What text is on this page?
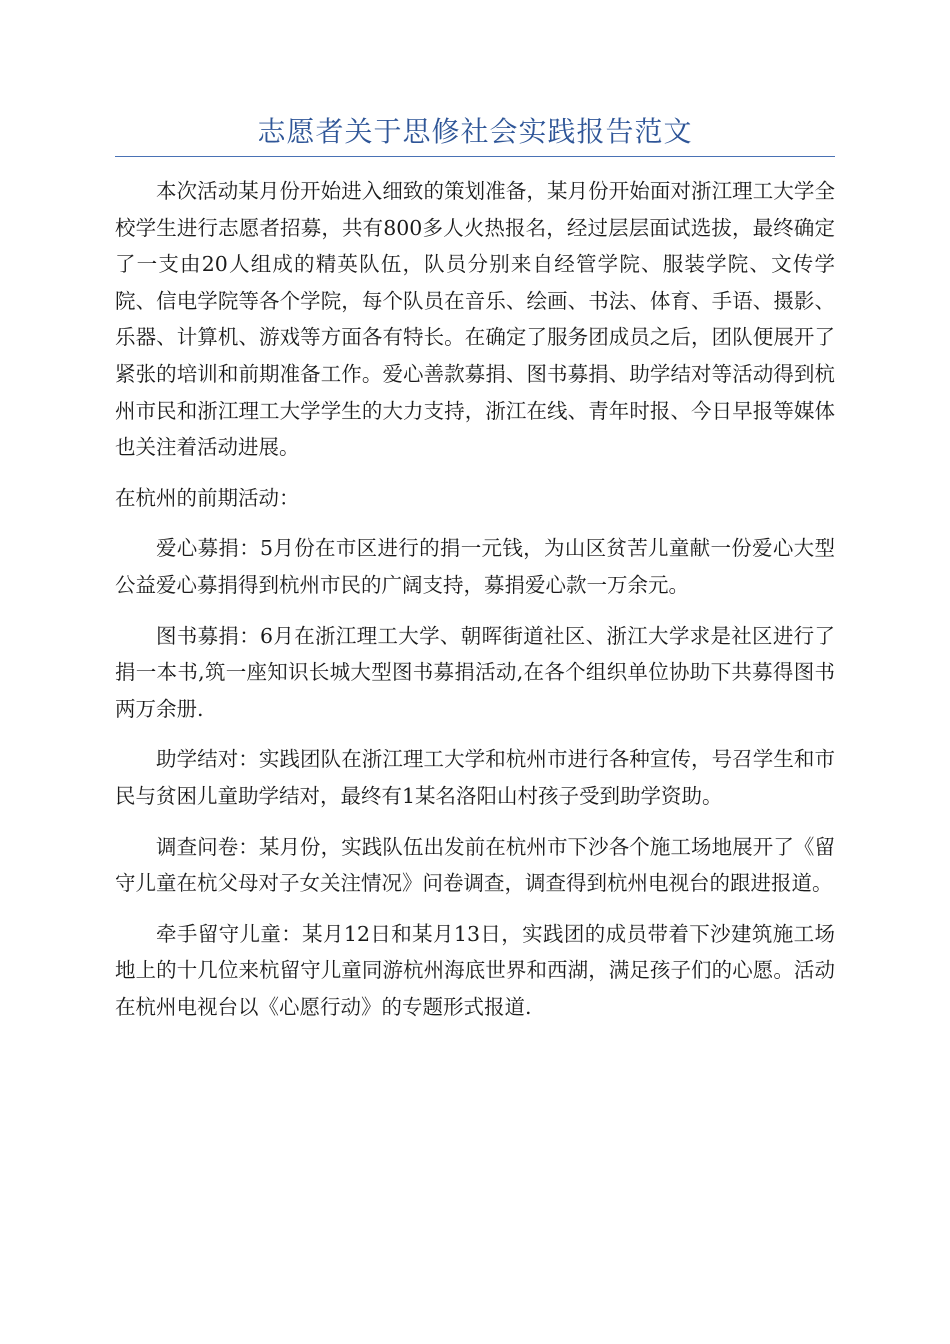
志愿者关于思修社会实践报告范文

本次活动某月份开始进入细致的策划准备，某月份开始面对浙江理工大学全校学生进行志愿者招募，共有800多人火热报名，经过层层面试选拔，最终确定了一支由20人组成的精英队伍，队员分别来自经管学院、服装学院、文传学院、信电学院等各个学院，每个队员在音乐、绘画、书法、体育、手语、摄影、乐器、计算机、游戏等方面各有特长。在确定了服务团成员之后，团队便展开了紧张的培训和前期准备工作。爱心善款募捐、图书募捐、助学结对等活动得到杭州市民和浙江理工大学学生的大力支持，浙江在线、青年时报、今日早报等媒体也关注着活动进展。

在杭州的前期活动：

爱心募捐：5月份在市区进行的捐一元钱，为山区贫苦儿童献一份爱心大型公益爱心募捐得到杭州市民的广阔支持，募捐爱心款一万余元。

图书募捐：6月在浙江理工大学、朝晖街道社区、浙江大学求是社区进行了捐一本书,筑一座知识长城大型图书募捐活动,在各个组织单位协助下共募得图书两万余册.

助学结对：实践团队在浙江理工大学和杭州市进行各种宣传，号召学生和市民与贫困儿童助学结对，最终有1某名洛阳山村孩子受到助学资助。

调查问卷：某月份，实践队伍出发前在杭州市下沙各个施工场地展开了《留守儿童在杭父母对子女关注情况》问卷调查，调查得到杭州电视台的跟进报道。

牵手留守儿童：某月12日和某月13日，实践团的成员带着下沙建筑施工场地上的十几位来杭留守儿童同游杭州海底世界和西湖，满足孩子们的心愿。活动在杭州电视台以《心愿行动》的专题形式报道.
